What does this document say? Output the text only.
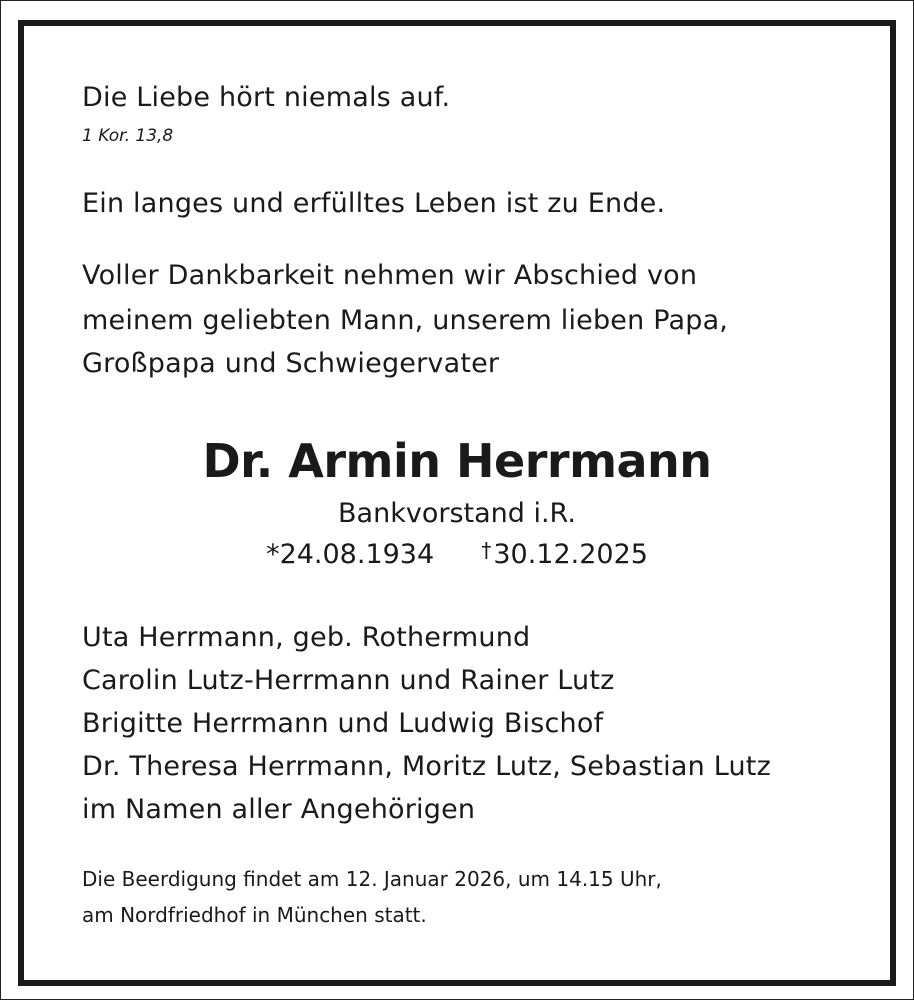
Die Liebe hört niemals auf.
1 Kor. 13,8
Ein langes und erfülltes Leben ist zu Ende.
Voller Dankbarkeit nehmen wir Abschied von
meinem geliebten Mann, unserem lieben Papa,
Großpapa und Schwiegervater
Dr. Armin Herrmann
Bankvorstand i.R.
*24.08.1934 †30.12.2025
Uta Herrmann, geb. Rothermund
Carolin Lutz-Herrmann und Rainer Lutz
Brigitte Herrmann und Ludwig Bischof
Dr. Theresa Herrmann, Moritz Lutz, Sebastian Lutz
im Namen aller Angehörigen
Die Beerdigung findet am 12. Januar 2026, um 14.15 Uhr,
am Nordfriedhof in München statt.
